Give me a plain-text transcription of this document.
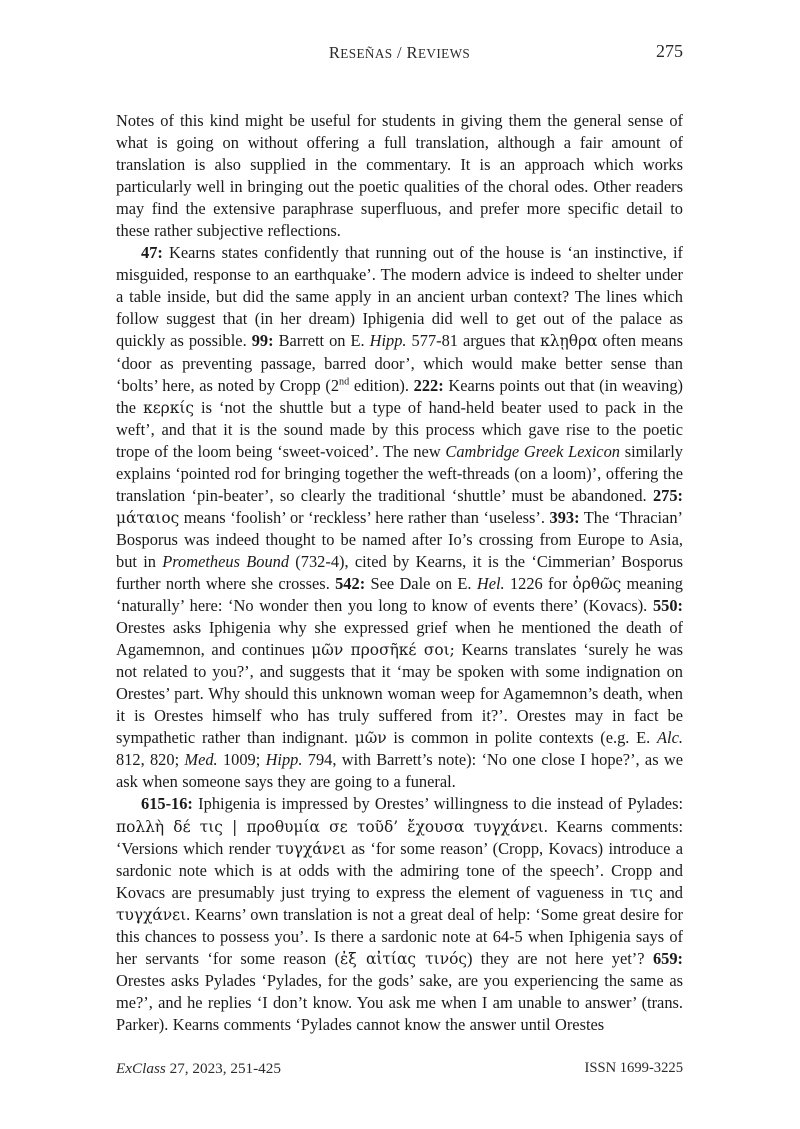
RESEÑAS / REVIEWS	275

Notes of this kind might be useful for students in giving them the general sense of what is going on without offering a full translation, although a fair amount of translation is also supplied in the commentary. It is an approach which works particularly well in bringing out the poetic qualities of the choral odes. Other readers may find the extensive paraphrase superfluous, and prefer more specific detail to these rather subjective reflections.

47: Kearns states confidently that running out of the house is ‘an instinctive, if misguided, response to an earthquake’. The modern advice is indeed to shelter under a table inside, but did the same apply in an ancient urban context? The lines which follow suggest that (in her dream) Iphigenia did well to get out of the palace as quickly as possible. 99: Barrett on E. Hipp. 577-81 argues that κλῃθρα often means ‘door as preventing passage, barred door’, which would make better sense than ‘bolts’ here, as noted by Cropp (2nd edition). 222: Kearns points out that (in weaving) the κερκίς is ‘not the shuttle but a type of hand-held beater used to pack in the weft’, and that it is the sound made by this process which gave rise to the poetic trope of the loom being ‘sweet-voiced’. The new Cambridge Greek Lexicon similarly explains ‘pointed rod for bringing together the weft-threads (on a loom)’, offering the translation ‘pin-beater’, so clearly the traditional ‘shuttle’ must be abandoned. 275: μάταιος means ‘foolish’ or ‘reckless’ here rather than ‘useless’. 393: The ‘Thracian’ Bosporus was indeed thought to be named after Io’s crossing from Europe to Asia, but in Prometheus Bound (732-4), cited by Kearns, it is the ‘Cimmerian’ Bosporus further north where she crosses. 542: See Dale on E. Hel. 1226 for ὀρθῶς meaning ‘naturally’ here: ‘No wonder then you long to know of events there’ (Kovacs). 550: Orestes asks Iphigenia why she expressed grief when he mentioned the death of Agamemnon, and continues μῶν προσῆκέ σοι; Kearns translates ‘surely he was not related to you?’, and suggests that it ‘may be spoken with some indignation on Orestes’ part. Why should this unknown woman weep for Agamemnon’s death, when it is Orestes himself who has truly suffered from it?’. Orestes may in fact be sympathetic rather than indignant. μῶν is common in polite contexts (e.g. E. Alc. 812, 820; Med. 1009; Hipp. 794, with Barrett’s note): ‘No one close I hope?’, as we ask when someone says they are going to a funeral.

615-16: Iphigenia is impressed by Orestes’ willingness to die instead of Pylades: πολλὴ δέ τις | προθυμία σε τοῦδ’ ἔχουσα τυγχάνει. Kearns comments: ‘Versions which render τυγχάνει as ‘for some reason’ (Cropp, Kovacs) introduce a sardonic note which is at odds with the admiring tone of the speech’. Cropp and Kovacs are presumably just trying to express the element of vagueness in τις and τυγχάνει. Kearns’ own translation is not a great deal of help: ‘Some great desire for this chances to possess you’. Is there a sardonic note at 64-5 when Iphigenia says of her servants ‘for some reason (ἐξ αἰτίας τινός) they are not here yet’? 659: Orestes asks Pylades ‘Pylades, for the gods’ sake, are you experiencing the same as me?’, and he replies ‘I don’t know. You ask me when I am unable to answer’ (trans. Parker). Kearns comments ‘Pylades cannot know the answer until Orestes

ExClass 27, 2023, 251-425	ISSN 1699-3225
